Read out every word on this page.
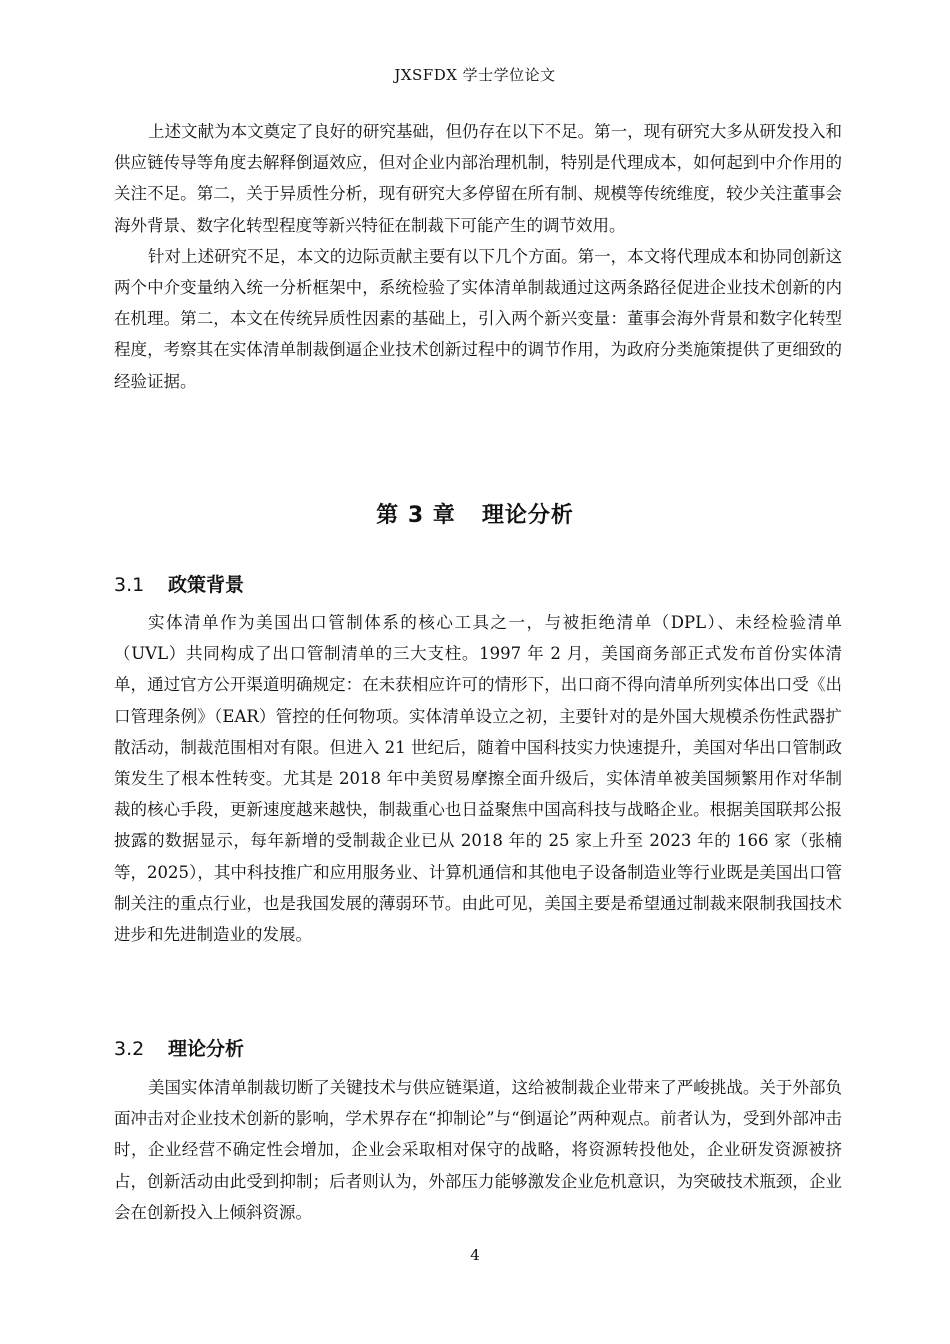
JXSFDX 学士学位论文

上述文献为本文奠定了良好的研究基础，但仍存在以下不足。第一，现有研究大多从研发投入和供应链传导等角度去解释倒逼效应，但对企业内部治理机制，特别是代理成本，如何起到中介作用的关注不足。第二，关于异质性分析，现有研究大多停留在所有制、规模等传统维度，较少关注董事会海外背景、数字化转型程度等新兴特征在制裁下可能产生的调节效用。

针对上述研究不足，本文的边际贡献主要有以下几个方面。第一，本文将代理成本和协同创新这两个中介变量纳入统一分析框架中，系统检验了实体清单制裁通过这两条路径促进企业技术创新的内在机理。第二，本文在传统异质性因素的基础上，引入两个新兴变量：董事会海外背景和数字化转型程度，考察其在实体清单制裁倒逼企业技术创新过程中的调节作用，为政府分类施策提供了更细致的经验证据。

第 3 章 理论分析
3.1 政策背景

实体清单作为美国出口管制体系的核心工具之一，与被拒绝清单（DPL）、未经检验清单（UVL）共同构成了出口管制清单的三大支柱。1997 年 2 月，美国商务部正式发布首份实体清单，通过官方公开渠道明确规定：在未获相应许可的情形下，出口商不得向清单所列实体出口受《出口管理条例》（EAR）管控的任何物项。实体清单设立之初，主要针对的是外国大规模杀伤性武器扩散活动，制裁范围相对有限。但进入 21 世纪后，随着中国科技实力快速提升，美国对华出口管制政策发生了根本性转变。尤其是 2018 年中美贸易摩擦全面升级后，实体清单被美国频繁用作对华制裁的核心手段，更新速度越来越快，制裁重心也日益聚焦中国高科技与战略企业。根据美国联邦公报披露的数据显示，每年新增的受制裁企业已从 2018 年的 25 家上升至 2023 年的 166 家（张楠等，2025），其中科技推广和应用服务业、计算机通信和其他电子设备制造业等行业既是美国出口管制关注的重点行业，也是我国发展的薄弱环节。由此可见，美国主要是希望通过制裁来限制我国技术进步和先进制造业的发展。

3.2 理论分析

美国实体清单制裁切断了关键技术与供应链渠道，这给被制裁企业带来了严峻挑战。关于外部负面冲击对企业技术创新的影响，学术界存在“抑制论”与“倒逼论”两种观点。前者认为，受到外部冲击时，企业经营不确定性会增加，企业会采取相对保守的战略，将资源转投他处，企业研发资源被挤占，创新活动由此受到抑制；后者则认为，外部压力能够激发企业危机意识，为突破技术瓶颈，企业会在创新投入上倾斜资源。

4
